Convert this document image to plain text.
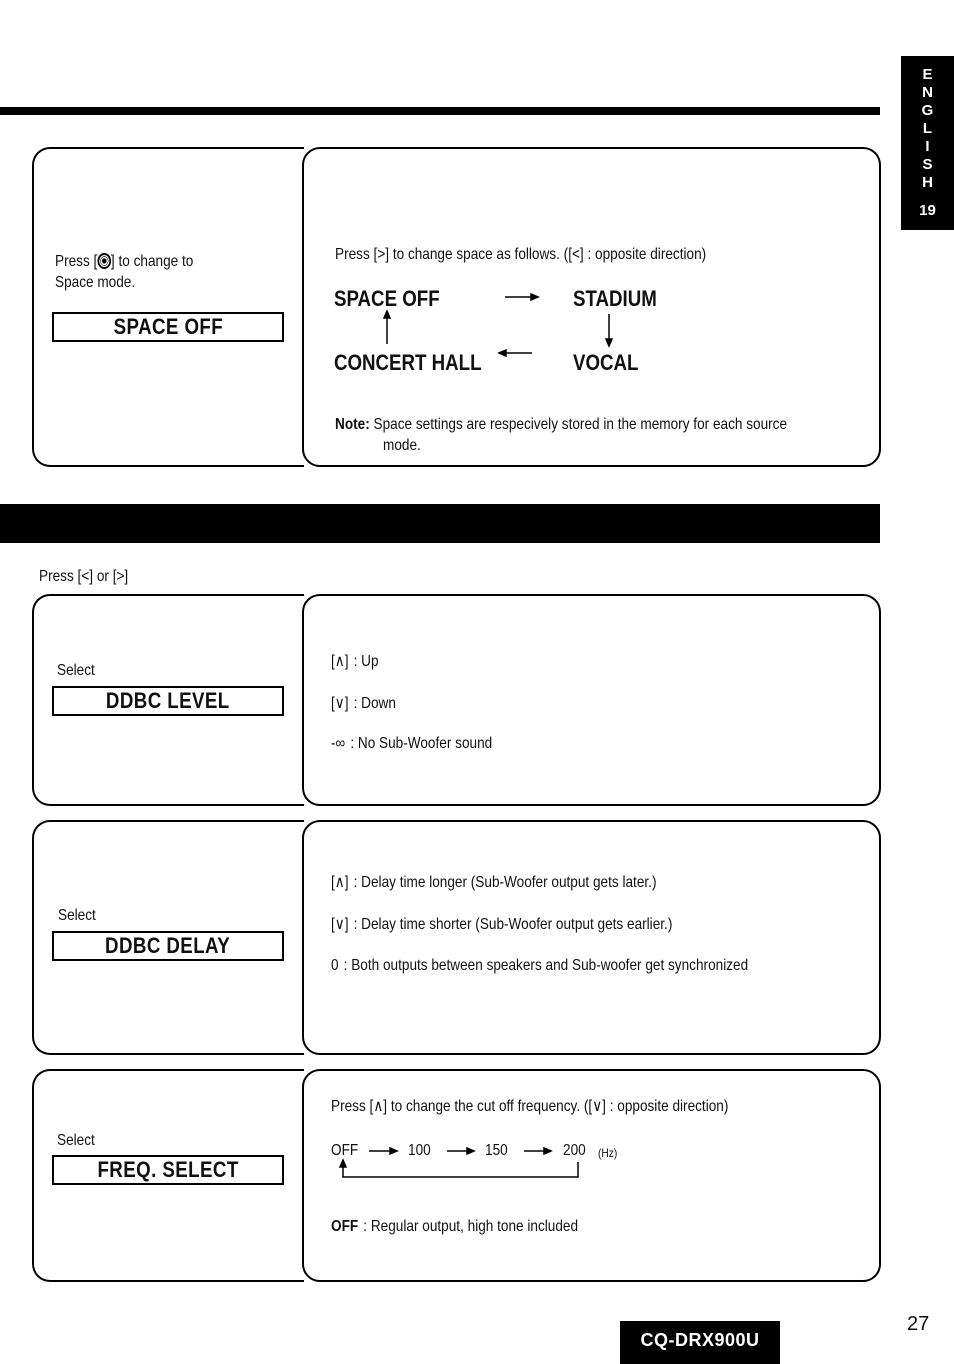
E
N
G
L
I
S
H
19
Press [ ] to change to
Space mode.
SPACE OFF
Press [>] to change space as follows. ([<] : opposite direction)
SPACE OFF	STADIUM
CONCERT HALL	VOCAL
Note: Space settings are respecively stored in the memory for each source
mode.
Press [<] or [>]
Select
DDBC LEVEL
[∧] : Up
[∨] : Down
-∞ : No Sub-Woofer sound
Select
DDBC DELAY
[∧] : Delay time longer (Sub-Woofer output gets later.)
[∨] : Delay time shorter (Sub-Woofer output gets earlier.)
0 : Both outputs between speakers and Sub-woofer get synchronized
Select
FREQ. SELECT
Press [∧] to change the cut off frequency. ([∨] : opposite direction)
OFF	100	150	200 (Hz)
OFF : Regular output, high tone included
CQ-DRX900U
27
